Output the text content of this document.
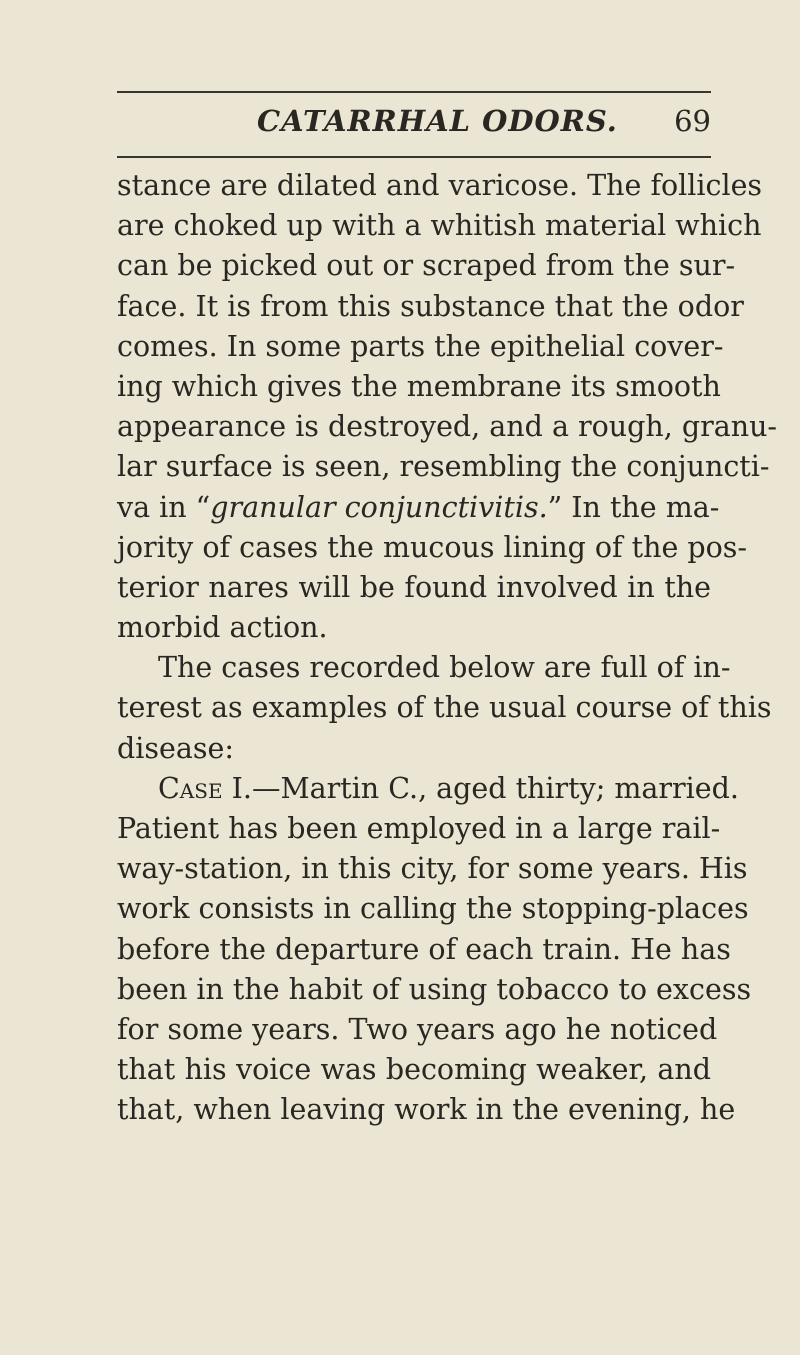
CATARRHAL ODORS. 69
stance are dilated and varicose. The follicles
are choked up with a whitish material which
can be picked out or scraped from the sur-
face. It is from this substance that the odor
comes. In some parts the epithelial cover-
ing which gives the membrane its smooth
appearance is destroyed, and a rough, granu-
lar surface is seen, resembling the conjuncti-
va in “granular conjunctivitis.” In the ma-
jority of cases the mucous lining of the pos-
terior nares will be found involved in the
morbid action.
The cases recorded below are full of in-
terest as examples of the usual course of this
disease:
Case I.—Martin C., aged thirty; married.
Patient has been employed in a large rail-
way-station, in this city, for some years. His
work consists in calling the stopping-places
before the departure of each train. He has
been in the habit of using tobacco to excess
for some years. Two years ago he noticed
that his voice was becoming weaker, and
that, when leaving work in the evening, he
